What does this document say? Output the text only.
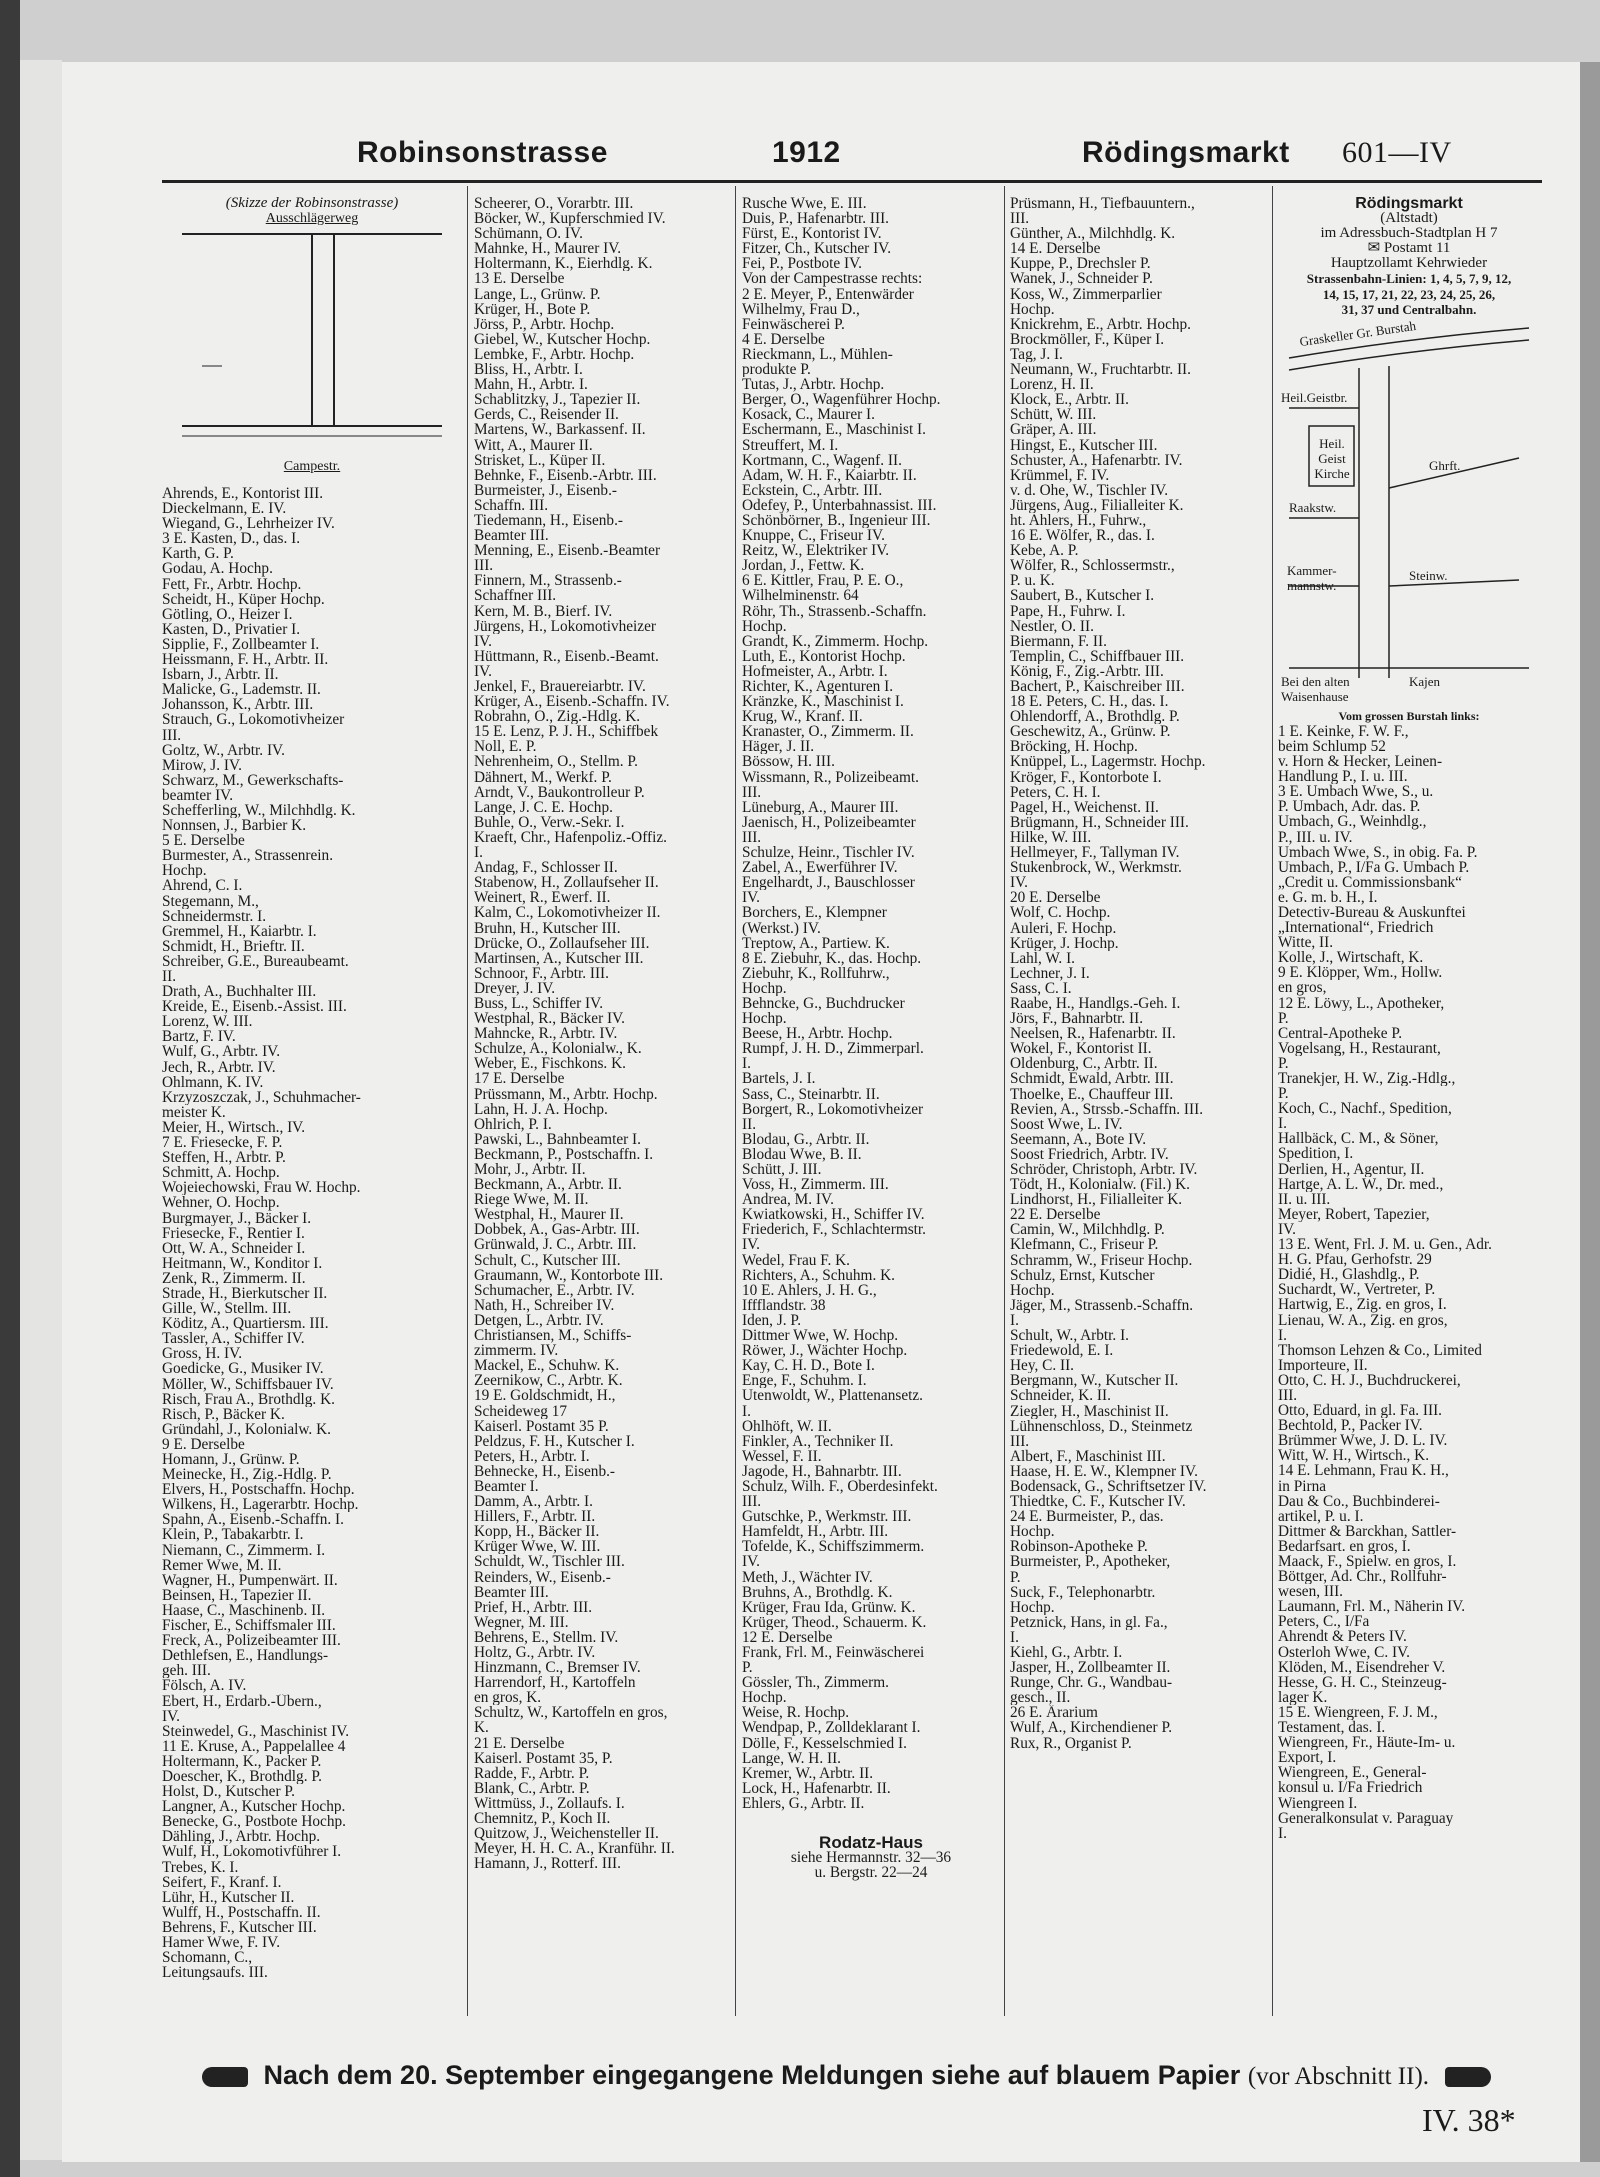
Robinsonstrasse	1912	Rödingsmarkt 601—IV
(Skizze der Robinsonstrasse)
Ausschlägerweg
Campestr.
Ahrends, E., Kontorist III.
Dieckelmann, E. IV.
Wiegand, G., Lehrheizer IV.
3 E. Kasten, D., das. I.
Karth, G. P.
Godau, A. Hochp.
Fett, Fr., Arbtr. Hochp.
Scheidt, H., Küper Hochp.
Götling, O., Heizer I.
Kasten, D., Privatier I.
Sipplie, F., Zollbeamter I.
Heissmann, F. H., Arbtr. II.
Isbarn, J., Arbtr. II.
Malicke, G., Lademstr. II.
Johansson, K., Arbtr. III.
Strauch, G., Lokomotivheizer
III.
Goltz, W., Arbtr. IV.
Mirow, J. IV.
Schwarz, M., Gewerkschafts-
beamter IV.
Schefferling, W., Milchhdlg. K.
Nonnsen, J., Barbier K.
5 E. Derselbe
Burmester, A., Strassenrein.
Hochp.
Ahrend, C. I.
Stegemann, M.,
Schneidermstr. I.
Gremmel, H., Kaiarbtr. I.
Schmidt, H., Brieftr. II.
Schreiber, G.E., Bureaubeamt.
II.
Drath, A., Buchhalter III.
Kreide, E., Eisenb.-Assist. III.
Lorenz, W. III.
Bartz, F. IV.
Wulf, G., Arbtr. IV.
Jech, R., Arbtr. IV.
Ohlmann, K. IV.
Krzyzoszczak, J., Schuhmacher-
meister K.
Meier, H., Wirtsch., IV.
7 E. Friesecke, F. P.
Steffen, H., Arbtr. P.
Schmitt, A. Hochp.
Wojeiechowski, Frau W. Hochp.
Wehner, O. Hochp.
Burgmayer, J., Bäcker I.
Friesecke, F., Rentier I.
Ott, W. A., Schneider I.
Heitmann, W., Konditor I.
Zenk, R., Zimmerm. II.
Strade, H., Bierkutscher II.
Gille, W., Stellm. III.
Köditz, A., Quartiersm. III.
Tassler, A., Schiffer IV.
Gross, H. IV.
Goedicke, G., Musiker IV.
Möller, W., Schiffsbauer IV.
Risch, Frau A., Brothdlg. K.
Risch, P., Bäcker K.
Gründahl, J., Kolonialw. K.
9 E. Derselbe
Homann, J., Grünw. P.
Meinecke, H., Zig.-Hdlg. P.
Elvers, H., Postschaffn. Hochp.
Wilkens, H., Lagerarbtr. Hochp.
Spahn, A., Eisenb.-Schaffn. I.
Klein, P., Tabakarbtr. I.
Niemann, C., Zimmerm. I.
Remer Wwe, M. II.
Wagner, H., Pumpenwärt. II.
Beinsen, H., Tapezier II.
Haase, C., Maschinenb. II.
Fischer, E., Schiffsmaler III.
Freck, A., Polizeibeamter III.
Dethlefsen, E., Handlungs-
geh. III.
Fölsch, A. IV.
Ebert, H., Erdarb.-Übern.,
IV.
Steinwedel, G., Maschinist IV.
11 E. Kruse, A., Pappelallee 4
Holtermann, K., Packer P.
Doescher, K., Brothdlg. P.
Holst, D., Kutscher P.
Langner, A., Kutscher Hochp.
Benecke, G., Postbote Hochp.
Dähling, J., Arbtr. Hochp.
Wulf, H., Lokomotivführer I.
Trebes, K. I.
Seifert, F., Kranf. I.
Lühr, H., Kutscher II.
Wulff, H., Postschaffn. II.
Behrens, F., Kutscher III.
Hamer Wwe, F. IV.
Schomann, C.,
Leitungsaufs. III.
Scheerer, O., Vorarbtr. III.
Böcker, W., Kupferschmied IV.
Schümann, O. IV.
Mahnke, H., Maurer IV.
Holtermann, K., Eierhdlg. K.
13 E. Derselbe
Lange, L., Grünw. P.
Krüger, H., Bote P.
Jörss, P., Arbtr. Hochp.
Giebel, W., Kutscher Hochp.
Lembke, F., Arbtr. Hochp.
Bliss, H., Arbtr. I.
Mahn, H., Arbtr. I.
Schablitzky, J., Tapezier II.
Gerds, C., Reisender II.
Martens, W., Barkassenf. II.
Witt, A., Maurer II.
Strisket, L., Küper II.
Behnke, F., Eisenb.-Arbtr. III.
Burmeister, J., Eisenb.-
Schaffn. III.
Tiedemann, H., Eisenb.-
Beamter III.
Menning, E., Eisenb.-Beamter
III.
Finnern, M., Strassenb.-
Schaffner III.
Kern, M. B., Bierf. IV.
Jürgens, H., Lokomotivheizer
IV.
Hüttmann, R., Eisenb.-Beamt.
IV.
Jenkel, F., Brauereiarbtr. IV.
Krüger, A., Eisenb.-Schaffn. IV.
Robrahn, O., Zig.-Hdlg. K.
15 E. Lenz, P. J. H., Schiffbek
Noll, E. P.
Nehrenheim, O., Stellm. P.
Dähnert, M., Werkf. P.
Arndt, V., Baukontrolleur P.
Lange, J. C. E. Hochp.
Buhle, O., Verw.-Sekr. I.
Kraeft, Chr., Hafenpoliz.-Offiz.
I.
Andag, F., Schlosser II.
Stabenow, H., Zollaufseher II.
Weinert, R., Ewerf. II.
Kalm, C., Lokomotivheizer II.
Bruhn, H., Kutscher III.
Drücke, O., Zollaufseher III.
Martinsen, A., Kutscher III.
Schnoor, F., Arbtr. III.
Dreyer, J. IV.
Buss, L., Schiffer IV.
Westphal, R., Bäcker IV.
Mahncke, R., Arbtr. IV.
Schulze, A., Kolonialw., K.
Weber, E., Fischkons. K.
17 E. Derselbe
Prüssmann, M., Arbtr. Hochp.
Lahn, H. J. A. Hochp.
Ohlrich, P. I.
Pawski, L., Bahnbeamter I.
Beckmann, P., Postschaffn. I.
Mohr, J., Arbtr. II.
Beckmann, A., Arbtr. II.
Riege Wwe, M. II.
Westphal, H., Maurer II.
Dobbek, A., Gas-Arbtr. III.
Grünwald, J. C., Arbtr. III.
Schult, C., Kutscher III.
Graumann, W., Kontorbote III.
Schumacher, E., Arbtr. IV.
Nath, H., Schreiber IV.
Detgen, L., Arbtr. IV.
Christiansen, M., Schiffs-
zimmerm. IV.
Mackel, E., Schuhw. K.
Zeernikow, C., Arbtr. K.
19 E. Goldschmidt, H.,
Scheideweg 17
Kaiserl. Postamt 35 P.
Peldzus, F. H., Kutscher I.
Peters, H., Arbtr. I.
Behnecke, H., Eisenb.-
Beamter I.
Damm, A., Arbtr. I.
Hillers, F., Arbtr. II.
Kopp, H., Bäcker II.
Krüger Wwe, W. III.
Schuldt, W., Tischler III.
Reinders, W., Eisenb.-
Beamter III.
Prief, H., Arbtr. III.
Wegner, M. III.
Behrens, E., Stellm. IV.
Holtz, G., Arbtr. IV.
Hinzmann, C., Bremser IV.
Harrendorf, H., Kartoffeln
en gros, K.
Schultz, W., Kartoffeln en gros,
K.
21 E. Derselbe
Kaiserl. Postamt 35, P.
Radde, F., Arbtr. P.
Blank, C., Arbtr. P.
Wittmüss, J., Zollaufs. I.
Chemnitz, P., Koch II.
Quitzow, J., Weichensteller II.
Meyer, H. H. C. A., Kranführ. II.
Hamann, J., Rotterf. III.
Rusche Wwe, E. III.
Duis, P., Hafenarbtr. III.
Fürst, E., Kontorist IV.
Fitzer, Ch., Kutscher IV.
Fei, P., Postbote IV.
Von der Campestrasse rechts:
2 E. Meyer, P., Entenwärder
Wilhelmy, Frau D.,
Feinwäscherei P.
4 E. Derselbe
Rieckmann, L., Mühlen-
produkte P.
Tutas, J., Arbtr. Hochp.
Berger, O., Wagenführer Hochp.
Kosack, C., Maurer I.
Eschermann, E., Maschinist I.
Streuffert, M. I.
Kortmann, C., Wagenf. II.
Adam, W. H. F., Kaiarbtr. II.
Eckstein, C., Arbtr. III.
Odefey, P., Unterbahnassist. III.
Schönbörner, B., Ingenieur III.
Knuppe, C., Friseur IV.
Reitz, W., Elektriker IV.
Jordan, J., Fettw. K.
6 E. Kittler, Frau, P. E. O.,
Wilhelminenstr. 64
Röhr, Th., Strassenb.-Schaffn.
Hochp.
Grandt, K., Zimmerm. Hochp.
Luth, E., Kontorist Hochp.
Hofmeister, A., Arbtr. I.
Richter, K., Agenturen I.
Kränzke, K., Maschinist I.
Krug, W., Kranf. II.
Kranaster, O., Zimmerm. II.
Häger, J. II.
Bössow, H. III.
Wissmann, R., Polizeibeamt.
III.
Lüneburg, A., Maurer III.
Jaenisch, H., Polizeibeamter
III.
Schulze, Heinr., Tischler IV.
Zabel, A., Ewerführer IV.
Engelhardt, J., Bauschlosser
IV.
Borchers, E., Klempner
(Werkst.) IV.
Treptow, A., Partiew. K.
8 E. Ziebuhr, K., das. Hochp.
Ziebuhr, K., Rollfuhrw.,
Hochp.
Behncke, G., Buchdrucker
Hochp.
Beese, H., Arbtr. Hochp.
Rumpf, J. H. D., Zimmerparl.
I.
Bartels, J. I.
Sass, C., Steinarbtr. II.
Borgert, R., Lokomotivheizer
II.
Blodau, G., Arbtr. II.
Blodau Wwe, B. II.
Schütt, J. III.
Voss, H., Zimmerm. III.
Andrea, M. IV.
Kwiatkowski, H., Schiffer IV.
Friederich, F., Schlachtermstr.
IV.
Wedel, Frau F. K.
Richters, A., Schuhm. K.
10 E. Ahlers, J. H. G.,
Iffflandstr. 38
Iden, J. P.
Dittmer Wwe, W. Hochp.
Röwer, J., Wächter Hochp.
Kay, C. H. D., Bote I.
Enge, F., Schuhm. I.
Utenwoldt, W., Plattenansetz.
I.
Ohlhöft, W. II.
Finkler, A., Techniker II.
Wessel, F. II.
Jagode, H., Bahnarbtr. III.
Schulz, Wilh. F., Oberdesinfekt.
III.
Gutschke, P., Werkmstr. III.
Hamfeldt, H., Arbtr. III.
Tofelde, K., Schiffszimmerm.
IV.
Meth, J., Wächter IV.
Bruhns, A., Brothdlg. K.
Krüger, Frau Ida, Grünw. K.
Krüger, Theod., Schauerm. K.
12 E. Derselbe
Frank, Frl. M., Feinwäscherei
P.
Gössler, Th., Zimmerm.
Hochp.
Weise, R. Hochp.
Wendpap, P., Zolldeklarant I.
Dölle, F., Kesselschmied I.
Lange, W. H. II.
Kremer, W., Arbtr. II.
Lock, H., Hafenarbtr. II.
Ehlers, G., Arbtr. II.
Rodatz-Haus
siehe Hermannstr. 32—36
u. Bergstr. 22—24
Prüsmann, H., Tiefbauuntern.,
III.
Günther, A., Milchhdlg. K.
14 E. Derselbe
Kuppe, P., Drechsler P.
Wanek, J., Schneider P.
Koss, W., Zimmerparlier
Hochp.
Knickrehm, E., Arbtr. Hochp.
Brockmöller, F., Küper I.
Tag, J. I.
Neumann, W., Fruchtarbtr. II.
Lorenz, H. II.
Klock, E., Arbtr. II.
Schütt, W. III.
Gräper, A. III.
Hingst, E., Kutscher III.
Schuster, A., Hafenarbtr. IV.
Krümmel, F. IV.
v. d. Ohe, W., Tischler IV.
Jürgens, Aug., Filialleiter K.
ht. Ahlers, H., Fuhrw.,
16 E. Wölfer, R., das. I.
Kebe, A. P.
Wölfer, R., Schlossermstr.,
P. u. K.
Saubert, B., Kutscher I.
Pape, H., Fuhrw. I.
Nestler, O. II.
Biermann, F. II.
Templin, C., Schiffbauer III.
König, F., Zig.-Arbtr. III.
Bachert, P., Kaischreiber III.
18 E. Peters, C. H., das. I.
Ohlendorff, A., Brothdlg. P.
Geschewitz, A., Grünw. P.
Bröcking, H. Hochp.
Knüppel, L., Lagermstr. Hochp.
Kröger, F., Kontorbote I.
Peters, C. H. I.
Pagel, H., Weichenst. II.
Brügmann, H., Schneider III.
Hilke, W. III.
Hellmeyer, F., Tallyman IV.
Stukenbrock, W., Werkmstr.
IV.
20 E. Derselbe
Wolf, C. Hochp.
Auleri, F. Hochp.
Krüger, J. Hochp.
Lahl, W. I.
Lechner, J. I.
Sass, C. I.
Raabe, H., Handlgs.-Geh. I.
Jörs, F., Bahnarbtr. II.
Neelsen, R., Hafenarbtr. II.
Wokel, F., Kontorist II.
Oldenburg, C., Arbtr. II.
Schmidt, Ewald, Arbtr. III.
Thoelke, E., Chauffeur III.
Revien, A., Strssb.-Schaffn. III.
Soost Wwe, L. IV.
Seemann, A., Bote IV.
Soost Friedrich, Arbtr. IV.
Schröder, Christoph, Arbtr. IV.
Tödt, H., Kolonialw. (Fil.) K.
Lindhorst, H., Filialleiter K.
22 E. Derselbe
Camin, W., Milchhdlg. P.
Klefmann, C., Friseur P.
Schramm, W., Friseur Hochp.
Schulz, Ernst, Kutscher
Hochp.
Jäger, M., Strassenb.-Schaffn.
I.
Schult, W., Arbtr. I.
Friedewold, E. I.
Hey, C. II.
Bergmann, W., Kutscher II.
Schneider, K. II.
Ziegler, H., Maschinist II.
Lühnenschloss, D., Steinmetz
III.
Albert, F., Maschinist III.
Haase, H. E. W., Klempner IV.
Bodensack, G., Schriftsetzer IV.
Thiedtke, C. F., Kutscher IV.
24 E. Burmeister, P., das.
Hochp.
Robinson-Apotheke P.
Burmeister, P., Apotheker,
P.
Suck, F., Telephonarbtr.
Hochp.
Petznick, Hans, in gl. Fa.,
I.
Kiehl, G., Arbtr. I.
Jasper, H., Zollbeamter II.
Runge, Chr. G., Wandbau-
gesch., II.
26 E. Ärarium
Wulf, A., Kirchendiener P.
Rux, R., Organist P.
Rödingsmarkt
(Altstadt)
im Adressbuch-Stadtplan H 7
✉ Postamt 11
Hauptzollamt Kehrwieder
Strassenbahn-Linien: 1, 4, 5, 7, 9, 12,
14, 15, 17, 21, 22, 23, 24, 25, 26,
31, 37 und Centralbahn.
Graskeller Gr. Burstah
Heil.Geistbr.
Heil. Geist Kirche
Ghrft.
Raakstw.
Kammer- mannstw.
Steinw.
Bei den alten Waisenhause
Kajen
Vom grossen Burstah links:
1 E. Keinke, F. W. F.,
beim Schlump 52
v. Horn & Hecker, Leinen-
Handlung P., I. u. III.
3 E. Umbach Wwe, S., u.
P. Umbach, Adr. das. P.
Umbach, G., Weinhdlg.,
P., III. u. IV.
Umbach Wwe, S., in obig. Fa. P.
Umbach, P., I/Fa G. Umbach P.
„Credit u. Commissionsbank“
e. G. m. b. H., I.
Detectiv-Bureau & Auskunftei
„International“, Friedrich
Witte, II.
Kolle, J., Wirtschaft, K.
9 E. Klöpper, Wm., Hollw.
en gros,
12 E. Löwy, L., Apotheker,
P.
Central-Apotheke P.
Vogelsang, H., Restaurant,
P.
Tranekjer, H. W., Zig.-Hdlg.,
P.
Koch, C., Nachf., Spedition,
I.
Hallbäck, C. M., & Söner,
Spedition, I.
Derlien, H., Agentur, II.
Hartge, A. L. W., Dr. med.,
II. u. III.
Meyer, Robert, Tapezier,
IV.
13 E. Went, Frl. J. M. u. Gen., Adr.
H. G. Pfau, Gerhofstr. 29
Didié, H., Glashdlg., P.
Suchardt, W., Vertreter, P.
Hartwig, E., Zig. en gros, I.
Lienau, W. A., Zig. en gros,
I.
Thomson Lehzen & Co., Limited
Importeure, II.
Otto, C. H. J., Buchdruckerei,
III.
Otto, Eduard, in gl. Fa. III.
Bechtold, P., Packer IV.
Brümmer Wwe, J. D. L. IV.
Witt, W. H., Wirtsch., K.
14 E. Lehmann, Frau K. H.,
in Pirna
Dau & Co., Buchbinderei-
artikel, P. u. I.
Dittmer & Barckhan, Sattler-
Bedarfsart. en gros, I.
Maack, F., Spielw. en gros, I.
Böttger, Ad. Chr., Rollfuhr-
wesen, III.
Laumann, Frl. M., Näherin IV.
Peters, C., I/Fa
Ahrendt & Peters IV.
Osterloh Wwe, C. IV.
Klöden, M., Eisendreher V.
Hesse, G. H. C., Steinzeug-
lager K.
15 E. Wiengreen, F. J. M.,
Testament, das. I.
Wiengreen, Fr., Häute-Im- u.
Export, I.
Wiengreen, E., General-
konsul u. I/Fa Friedrich
Wiengreen I.
Generalkonsulat v. Paraguay
I.
Nach dem 20. September eingegangene Meldungen siehe auf blauem Papier (vor Abschnitt II).
IV. 38*
